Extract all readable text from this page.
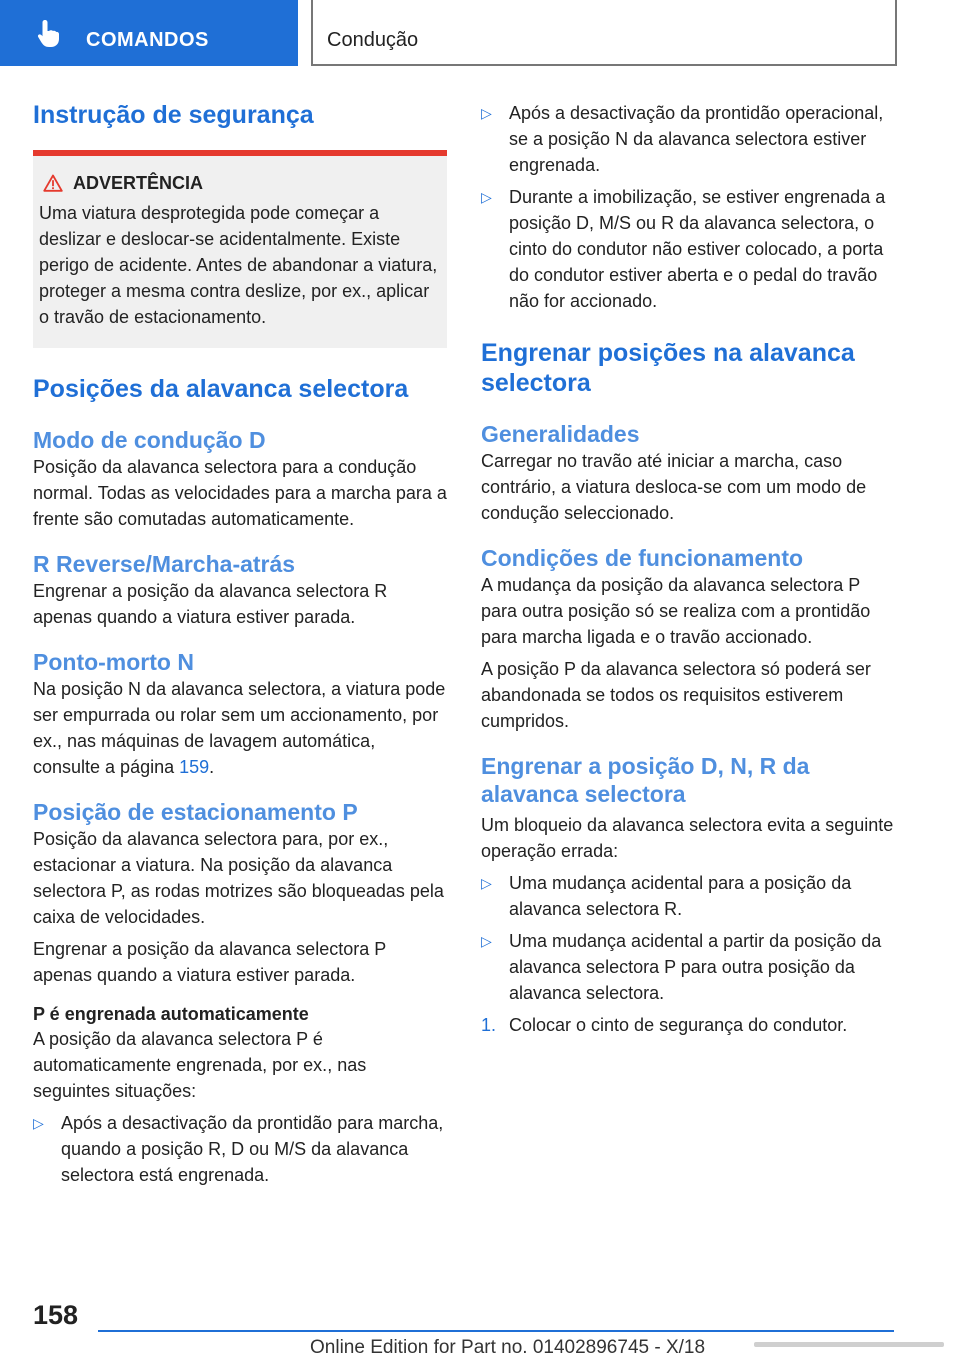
COMANDOS	Condução
Instrução de segurança
ADVERTÊNCIA

Uma viatura desprotegida pode começar a deslizar e deslocar-se acidentalmente. Existe perigo de acidente. Antes de abandonar a viatura, proteger a mesma contra deslize, por ex., aplicar o travão de estacionamento.

Posições da alavanca selectora
Modo de condução D

Posição da alavanca selectora para a condução normal. Todas as velocidades para a marcha para a frente são comutadas automaticamente.

R Reverse/Marcha-atrás

Engrenar a posição da alavanca selectora R apenas quando a viatura estiver parada.

Ponto-morto N

Na posição N da alavanca selectora, a viatura pode ser empurrada ou rolar sem um accionamento, por ex., nas máquinas de lavagem automática, consulte a página 159.

Posição de estacionamento P

Posição da alavanca selectora para, por ex., estacionar a viatura. Na posição da alavanca selectora P, as rodas motrizes são bloqueadas pela caixa de velocidades.

Engrenar a posição da alavanca selectora P apenas quando a viatura estiver parada.

P é engrenada automaticamente

A posição da alavanca selectora P é automaticamente engrenada, por ex., nas seguintes situações:

▷ Após a desactivação da prontidão para marcha, quando a posição R, D ou M/S da alavanca selectora está engrenada.

▷ Após a desactivação da prontidão operacional, se a posição N da alavanca selectora estiver engrenada.

▷ Durante a imobilização, se estiver engrenada a posição D, M/S ou R da alavanca selectora, o cinto do condutor não estiver colocado, a porta do condutor estiver aberta e o pedal do travão não for accionado.

Engrenar posições na alavanca selectora
Generalidades

Carregar no travão até iniciar a marcha, caso contrário, a viatura desloca-se com um modo de condução seleccionado.

Condições de funcionamento

A mudança da posição da alavanca selectora P para outra posição só se realiza com a prontidão para marcha ligada e o travão accionado.

A posição P da alavanca selectora só poderá ser abandonada se todos os requisitos estiverem cumpridos.

Engrenar a posição D, N, R da alavanca selectora

Um bloqueio da alavanca selectora evita a seguinte operação errada:

▷ Uma mudança acidental para a posição da alavanca selectora R.

▷ Uma mudança acidental a partir da posição da alavanca selectora P para outra posição da alavanca selectora.

1. Colocar o cinto de segurança do condutor.

158
Online Edition for Part no. 01402896745 - X/18
